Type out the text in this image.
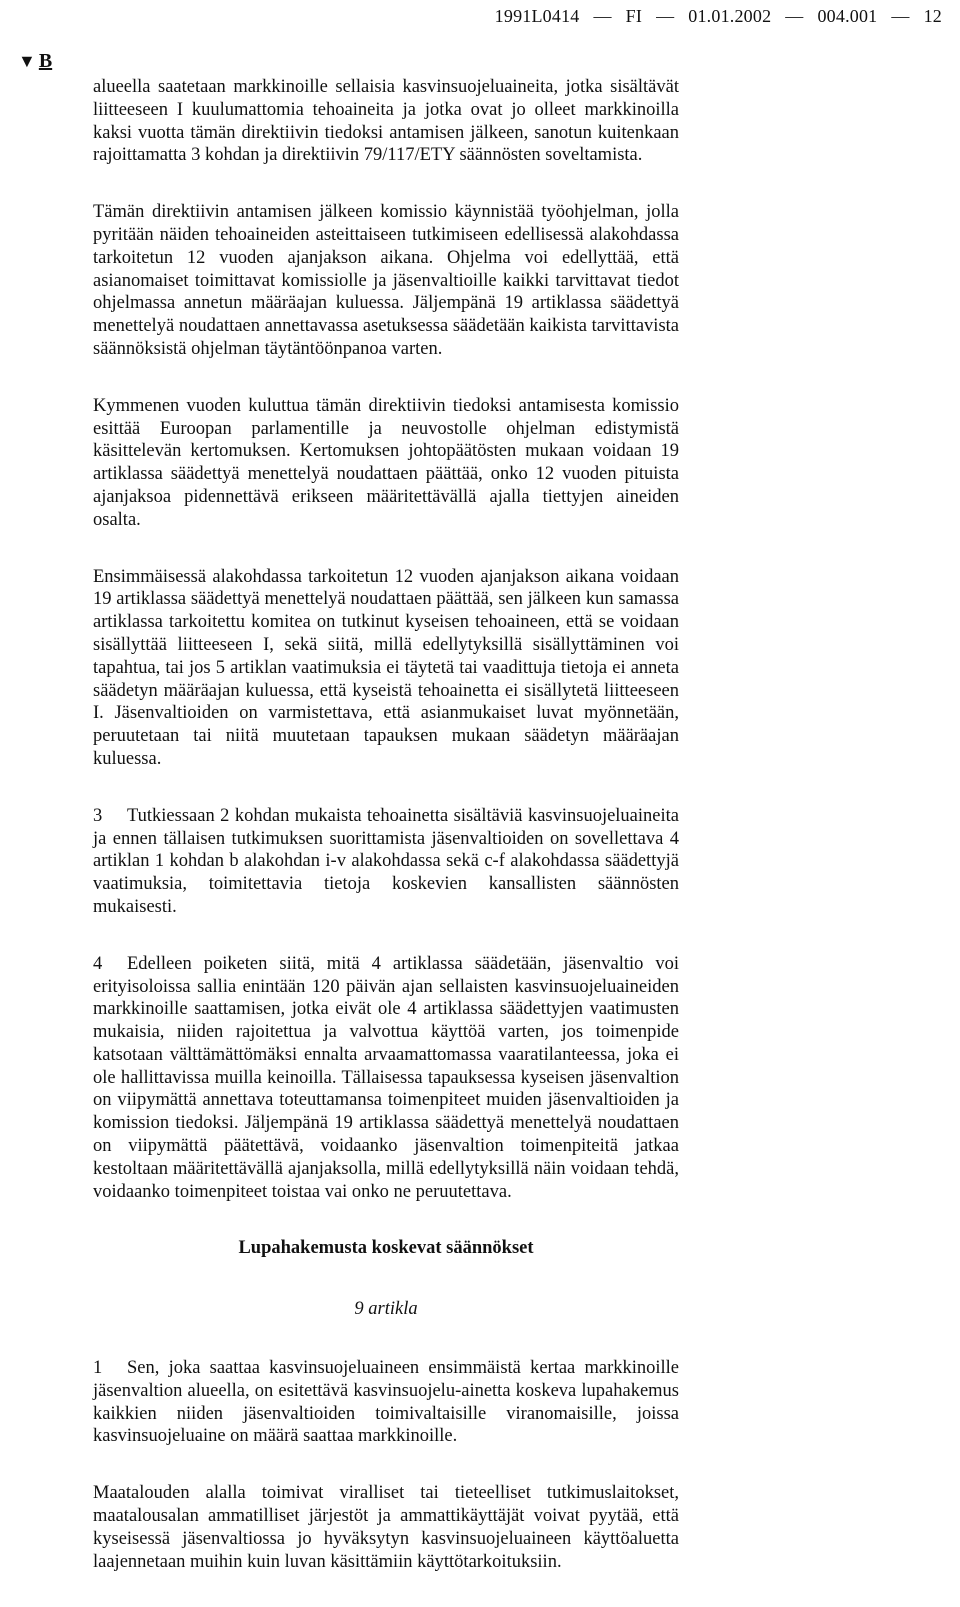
1991L0414 — FI — 01.01.2002 — 004.001 — 12
▼ B

alueella saatetaan markkinoille sellaisia kasvinsuojeluaineita, jotka sisältävät liitteeseen I kuulumattomia tehoaineita ja jotka ovat jo olleet markkinoilla kaksi vuotta tämän direktiivin tiedoksi antamisen jälkeen, sanotun kuitenkaan rajoittamatta 3 kohdan ja direktiivin 79/117/ETY säännösten soveltamista.

Tämän direktiivin antamisen jälkeen komissio käynnistää työohjelman, jolla pyritään näiden tehoaineiden asteittaiseen tutkimiseen edellisessä alakohdassa tarkoitetun 12 vuoden ajanjakson aikana. Ohjelma voi edellyttää, että asianomaiset toimittavat komissiolle ja jäsenvaltioille kaikki tarvittavat tiedot ohjelmassa annetun määräajan kuluessa. Jäljempänä 19 artiklassa säädettyä menettelyä noudattaen annettavassa asetuksessa säädetään kaikista tarvittavista säännöksistä ohjelman täytäntöönpanoa varten.

Kymmenen vuoden kuluttua tämän direktiivin tiedoksi antamisesta komissio esittää Euroopan parlamentille ja neuvostolle ohjelman edistymistä käsittelevän kertomuksen. Kertomuksen johtopäätösten mukaan voidaan 19 artiklassa säädettyä menettelyä noudattaen päättää, onko 12 vuoden pituista ajanjaksoa pidennettävä erikseen määritettävällä ajalla tiettyjen aineiden osalta.

Ensimmäisessä alakohdassa tarkoitetun 12 vuoden ajanjakson aikana voidaan 19 artiklassa säädettyä menettelyä noudattaen päättää, sen jälkeen kun samassa artiklassa tarkoitettu komitea on tutkinut kyseisen tehoaineen, että se voidaan sisällyttää liitteeseen I, sekä siitä, millä edellytyksillä sisällyttäminen voi tapahtua, tai jos 5 artiklan vaatimuksia ei täytetä tai vaadittuja tietoja ei anneta säädetyn määräajan kuluessa, että kyseistä tehoainetta ei sisällytetä liitteeseen I. Jäsenvaltioiden on varmistettava, että asianmukaiset luvat myönnetään, peruutetaan tai niitä muutetaan tapauksen mukaan säädetyn määräajan kuluessa.

3 Tutkiessaan 2 kohdan mukaista tehoainetta sisältäviä kasvinsuojeluaineita ja ennen tällaisen tutkimuksen suorittamista jäsenvaltioiden on sovellettava 4 artiklan 1 kohdan b alakohdan i-v alakohdassa sekä c-f alakohdassa säädettyjä vaatimuksia, toimitettavia tietoja koskevien kansallisten säännösten mukaisesti.

4 Edelleen poiketen siitä, mitä 4 artiklassa säädetään, jäsenvaltio voi erityisoloissa sallia enintään 120 päivän ajan sellaisten kasvinsuojeluaineiden markkinoille saattamisen, jotka eivät ole 4 artiklassa säädettyjen vaatimusten mukaisia, niiden rajoitettua ja valvottua käyttöä varten, jos toimenpide katsotaan välttämättömäksi ennalta arvaamattomassa vaaratilanteessa, joka ei ole hallittavissa muilla keinoilla. Tällaisessa tapauksessa kyseisen jäsenvaltion on viipymättä annettava toteuttamansa toimenpiteet muiden jäsenvaltioiden ja komission tiedoksi. Jäljempänä 19 artiklassa säädettyä menettelyä noudattaen on viipymättä päätettävä, voidaanko jäsenvaltion toimenpiteitä jatkaa kestoltaan määritettävällä ajanjaksolla, millä edellytyksillä näin voidaan tehdä, voidaanko toimenpiteet toistaa vai onko ne peruutettava.

Lupahakemusta koskevat säännökset
9 artikla

1 Sen, joka saattaa kasvinsuojeluaineen ensimmäistä kertaa markkinoille jäsenvaltion alueella, on esitettävä kasvinsuojelu-ainetta koskeva lupahakemus kaikkien niiden jäsenvaltioiden toimivaltaisille viranomaisille, joissa kasvinsuojeluaine on määrä saattaa markkinoille.

Maatalouden alalla toimivat viralliset tai tieteelliset tutkimuslaitokset, maatalousalan ammatilliset järjestöt ja ammattikäyttäjät voivat pyytää, että kyseisessä jäsenvaltiossa jo hyväksytyn kasvinsuojeluaineen käyttöaluetta laajennetaan muihin kuin luvan käsittämiin käyttötarkoituksiin.
